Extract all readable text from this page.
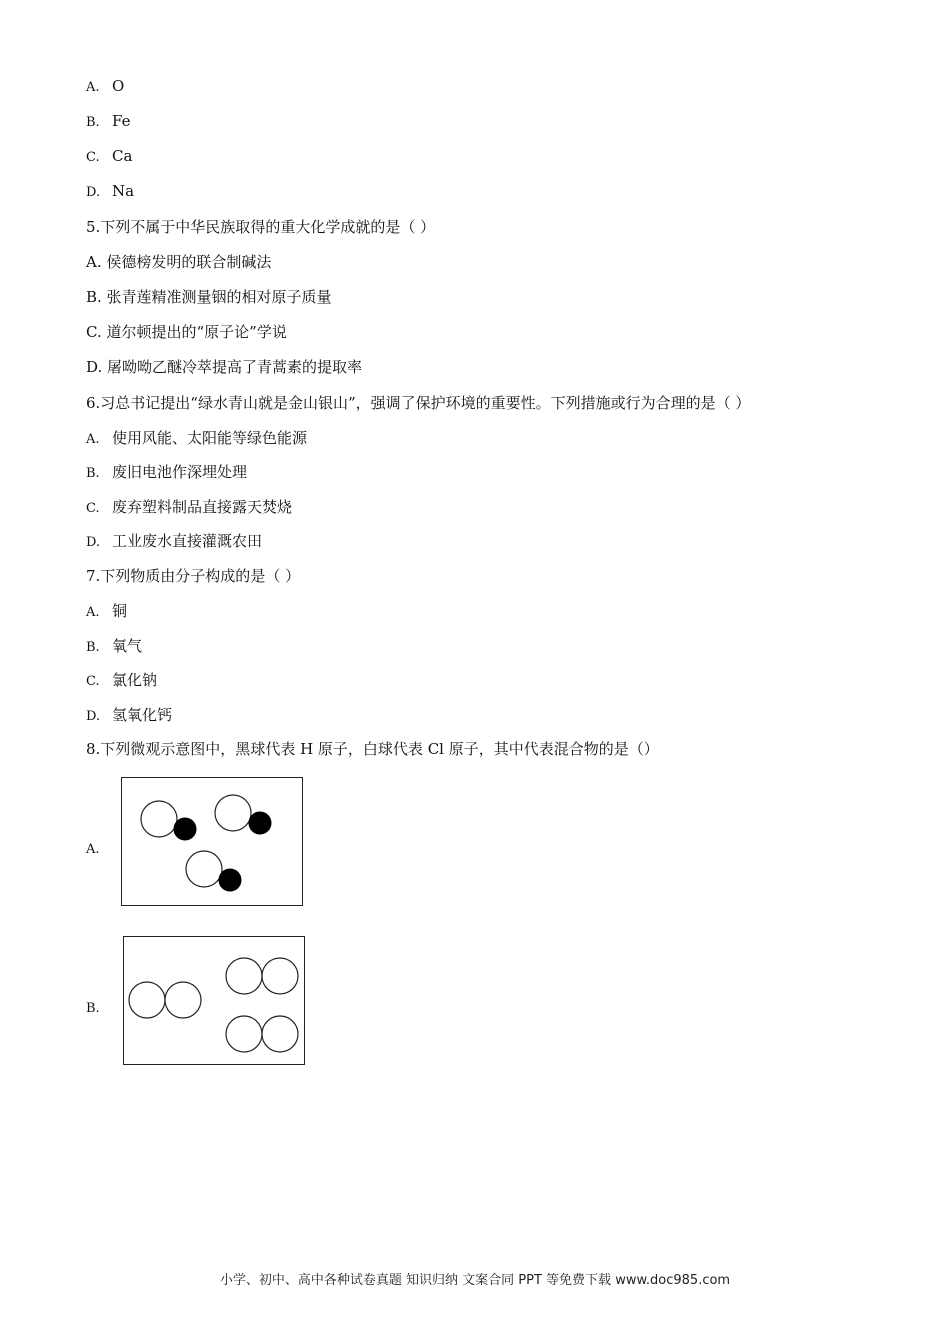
A. O
B. Fe
C. Ca
D. Na
5.下列不属于中华民族取得的重大化学成就的是（ ）
A. 侯德榜发明的联合制碱法
B. 张青莲精准测量铟的相对原子质量
C. 道尔顿提出的“原子论”学说
D. 屠呦呦乙醚冷萃提高了青蒿素的提取率
6.习总书记提出“绿水青山就是金山银山”，强调了保护环境的重要性。下列措施或行为合理的是（ ）
A. 使用风能、太阳能等绿色能源
B. 废旧电池作深埋处理
C. 废弃塑料制品直接露天焚烧
D. 工业废水直接灌溉农田
7.下列物质由分子构成的是（ ）
A. 铜
B. 氧气
C. 氯化钠
D. 氢氧化钙
8.下列微观示意图中，黑球代表 H 原子，白球代表 Cl 原子，其中代表混合物的是（）
A.
B.
小学、初中、高中各种试卷真题 知识归纳 文案合同 PPT 等免费下载 www.doc985.com
